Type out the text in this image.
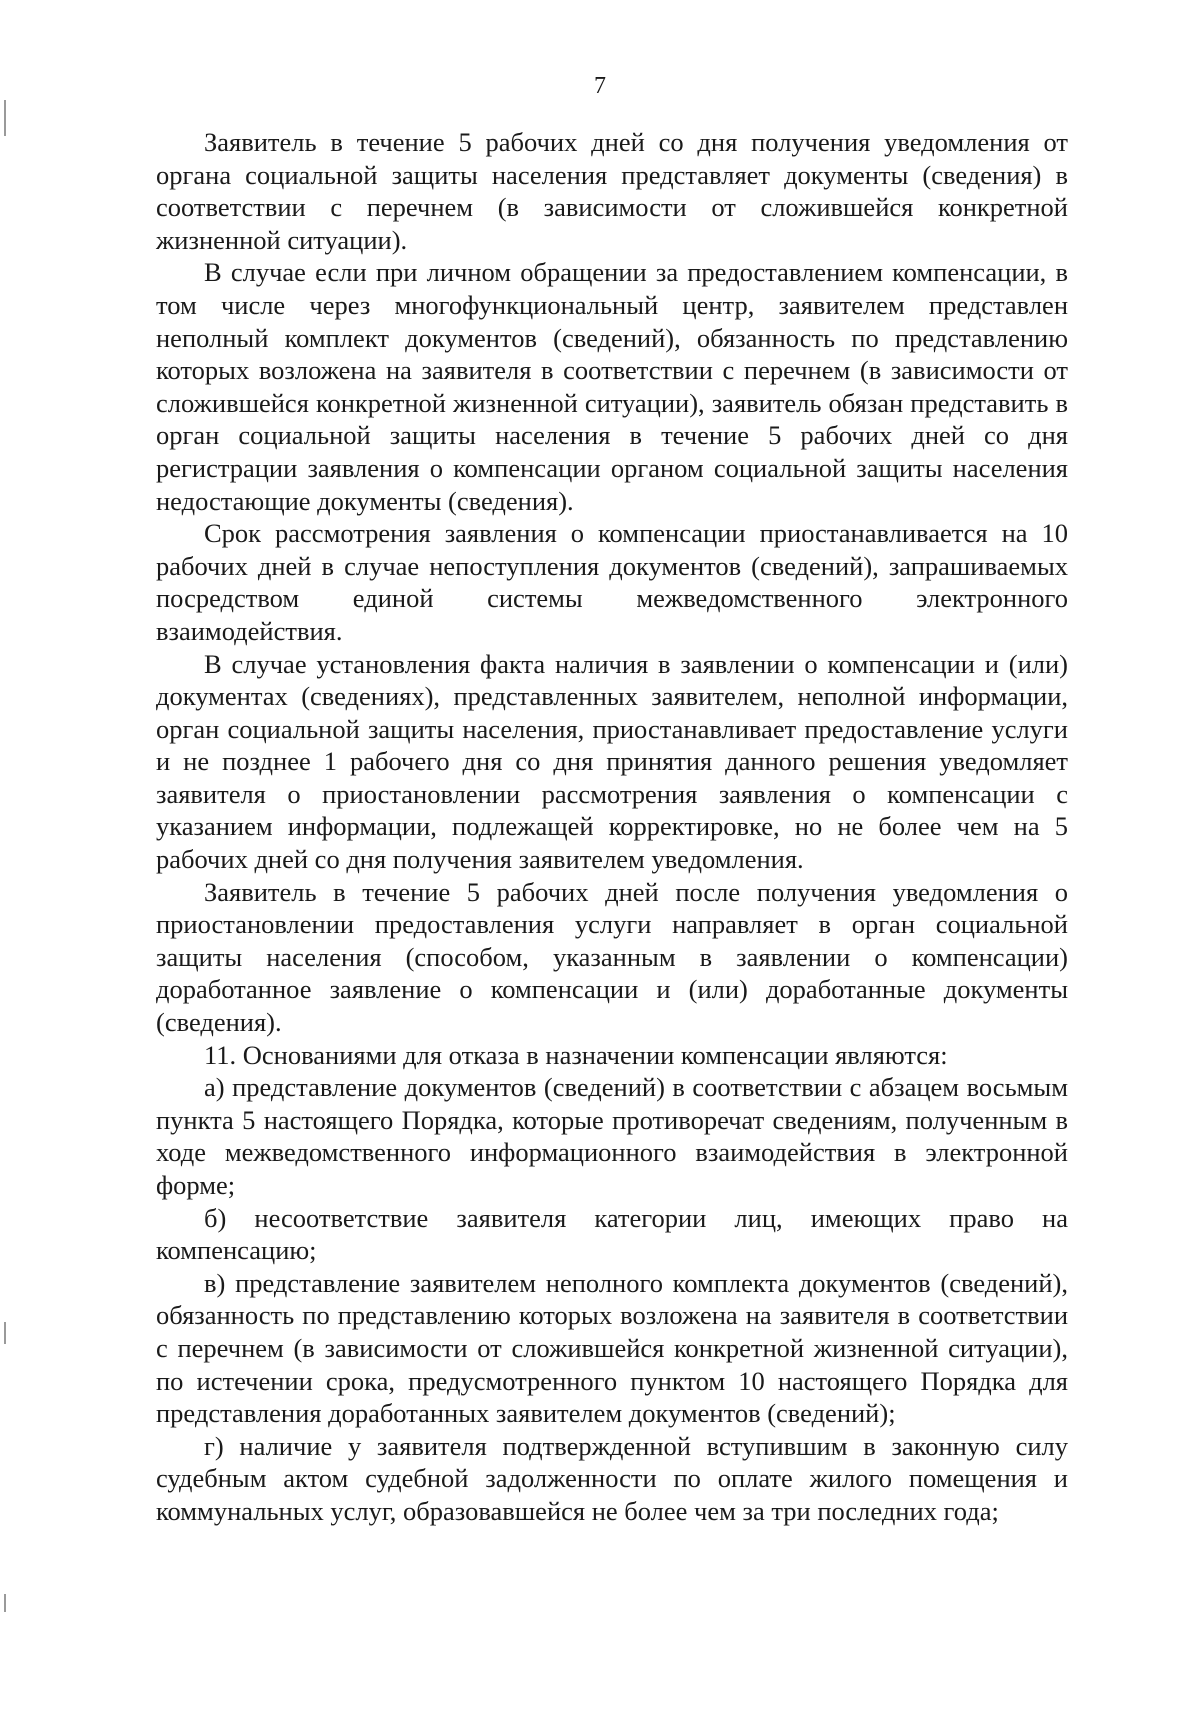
7

Заявитель в течение 5 рабочих дней со дня получения уведомления от органа социальной защиты населения представляет документы (сведения) в соответствии с перечнем (в зависимости от сложившейся конкретной жизненной ситуации).

В случае если при личном обращении за предоставлением компенсации, в том числе через многофункциональный центр, заявителем представлен неполный комплект документов (сведений), обязанность по представлению которых возложена на заявителя в соответствии с перечнем (в зависимости от сложившейся конкретной жизненной ситуации), заявитель обязан представить в орган социальной защиты населения в течение 5 рабочих дней со дня регистрации заявления о компенсации органом социальной защиты населения недостающие документы (сведения).

Срок рассмотрения заявления о компенсации приостанавливается на 10 рабочих дней в случае непоступления документов (сведений), запрашиваемых посредством единой системы межведомственного электронного взаимодействия.

В случае установления факта наличия в заявлении о компенсации и (или) документах (сведениях), представленных заявителем, неполной информации, орган социальной защиты населения, приостанавливает предоставление услуги и не позднее 1 рабочего дня со дня принятия данного решения уведомляет заявителя о приостановлении рассмотрения заявления о компенсации с указанием информации, подлежащей корректировке, но не более чем на 5 рабочих дней со дня получения заявителем уведомления.

Заявитель в течение 5 рабочих дней после получения уведомления о приостановлении предоставления услуги направляет в орган социальной защиты населения (способом, указанным в заявлении о компенсации) доработанное заявление о компенсации и (или) доработанные документы (сведения).

11. Основаниями для отказа в назначении компенсации являются:

а) представление документов (сведений) в соответствии с абзацем восьмым пункта 5 настоящего Порядка, которые противоречат сведениям, полученным в ходе межведомственного информационного взаимодействия в электронной форме;

б) несоответствие заявителя категории лиц, имеющих право на компенсацию;

в) представление заявителем неполного комплекта документов (сведений), обязанность по представлению которых возложена на заявителя в соответствии с перечнем (в зависимости от сложившейся конкретной жизненной ситуации), по истечении срока, предусмотренного пунктом 10 настоящего Порядка для представления доработанных заявителем документов (сведений);

г) наличие у заявителя подтвержденной вступившим в законную силу судебным актом судебной задолженности по оплате жилого помещения и коммунальных услуг, образовавшейся не более чем за три последних года;
